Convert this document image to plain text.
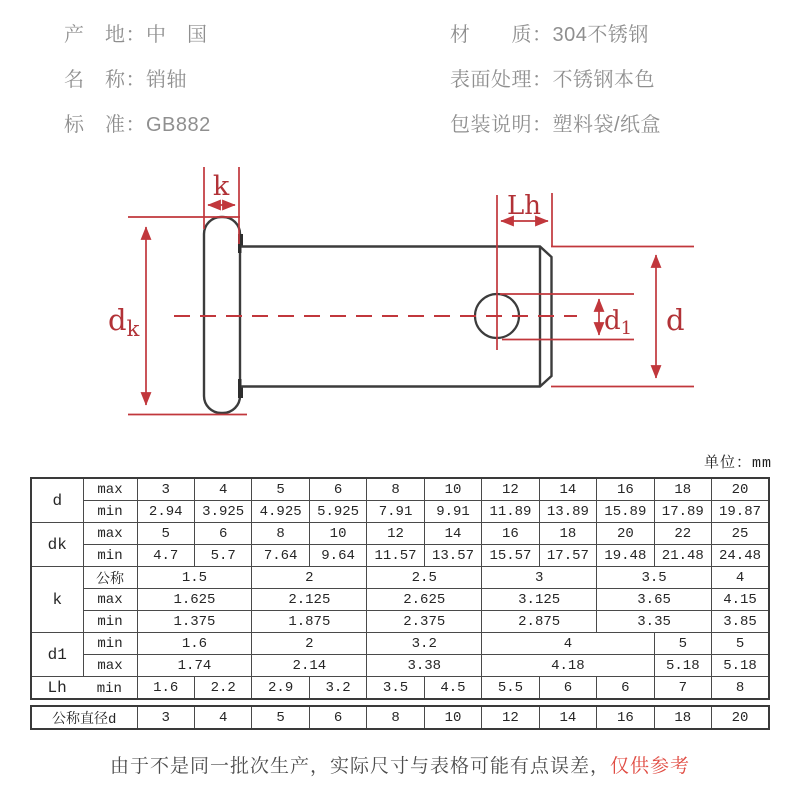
产　地：中　国
名　称：销轴
标　准：GB882
材　　质：304不锈钢
表面处理：不锈钢本色
包装说明：塑料袋/纸盒
k
$d_k$
Lh
d1 d
单位：mm
d	max	3	4	5	6	8	10	12	14	16	18	20
	min	2.94	3.925	4.925	5.925	7.91	9.91	11.89	13.89	15.89	17.89	19.87
dk	max	5	6	8	10	12	14	16	18	20	22	25
	min	4.7	5.7	7.64	9.64	11.57	13.57	15.57	17.57	19.48	21.48	24.48
k	公称	1.5		2		2.5		3		3.5		4
	max	1.625		2.125		2.625		3.125		3.65		4.15
	min	1.375		1.875		2.375		2.875		3.35		3.85
d1	min	1.6		2		3.2		4			5	5
	max	1.74		2.14		3.38		4.18			5.18	5.18
Lh min		1.6	2.2	2.9	3.2	3.5	4.5	5.5	6	6	7	8
公称直径d	3	4	5	6	8	10	12	14	16	18	20
由于不是同一批次生产，实际尺寸与表格可能有点误差，仅供参考
